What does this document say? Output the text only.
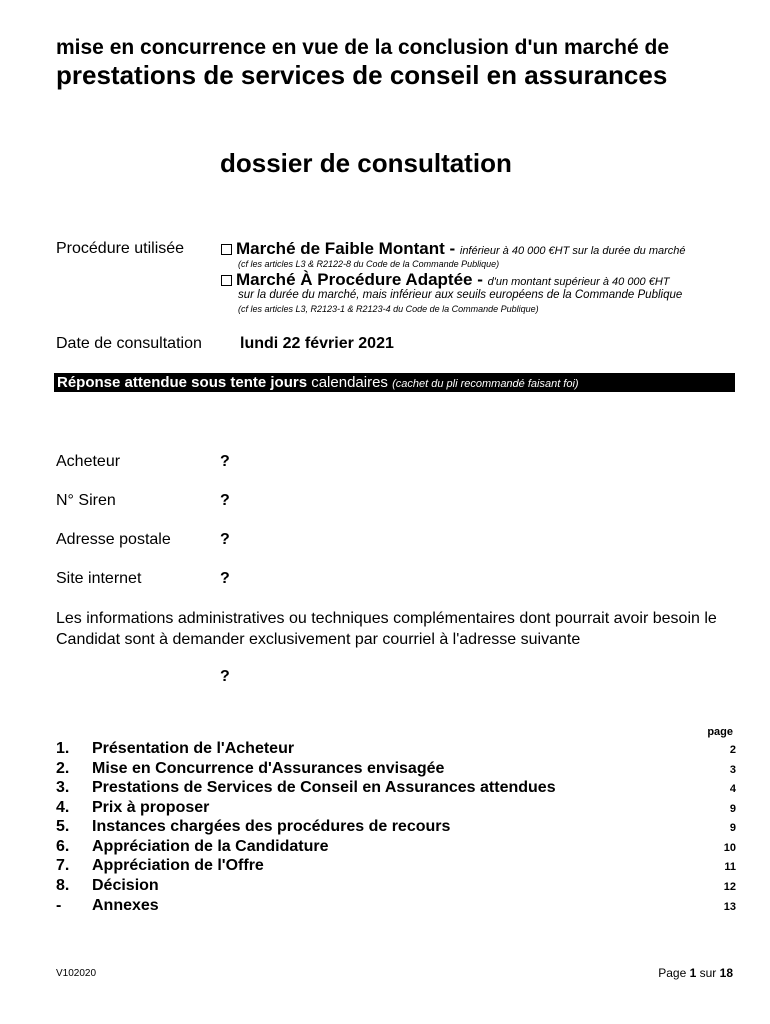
mise en concurrence en vue de la conclusion d'un marché de
prestations de services de conseil en assurances
dossier de consultation
Procédure utilisée	Marché de Faible Montant - inférieur à 40 000 €HT sur la durée du marché
(cf les articles L3 & R2122-8 du Code de la Commande Publique)
Marché À Procédure Adaptée - d'un montant supérieur à 40 000 €HT
sur la durée du marché, mais inférieur aux seuils européens de la Commande Publique
(cf les articles L3, R2123-1 & R2123-4 du Code de la Commande Publique)
Date de consultation lundi 22 février 2021
Réponse attendue sous tente jours calendaires (cachet du pli recommandé faisant foi)
Acheteur	?
N° Siren	?
Adresse postale	?
Site internet	?
Les informations administratives ou techniques complémentaires dont pourrait avoir besoin le Candidat sont à demander exclusivement par courriel à l'adresse suivante
?
page
1. Présentation de l'Acheteur	2
2. Mise en Concurrence d'Assurances envisagée	3
3. Prestations de Services de Conseil en Assurances attendues	4
4. Prix à proposer	9
5. Instances chargées des procédures de recours	9
6. Appréciation de la Candidature	10
7. Appréciation de l'Offre	11
8. Décision	12
- Annexes	13
V102020	Page 1 sur 18
